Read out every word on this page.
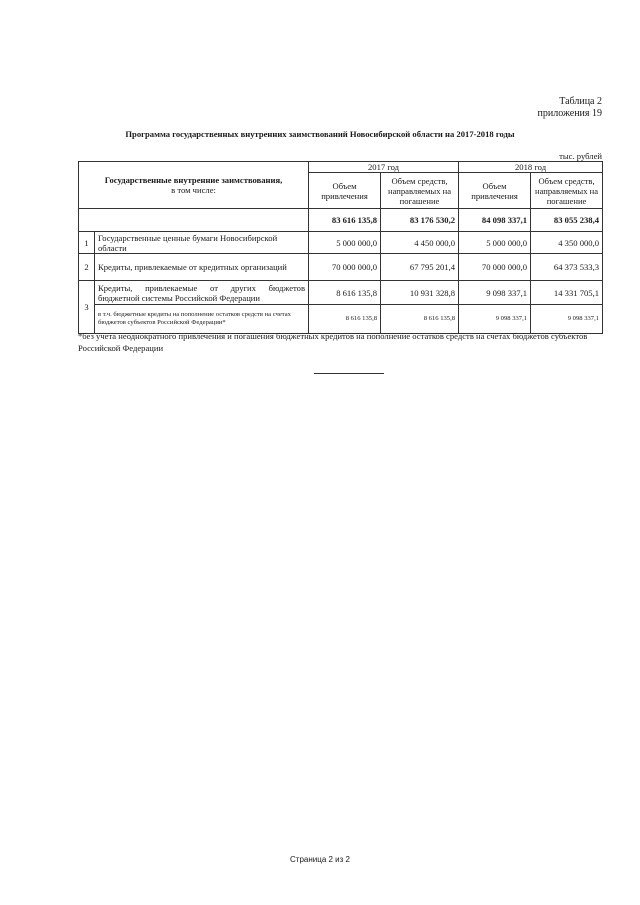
Таблица 2
приложения 19
Программа государственных внутренних заимствований Новосибирской области на 2017-2018 годы
тыс. рублей
Государственные внутренние заимствования,
в том числе:		2017 год		2018 год	
		Объем привлечения	Объем средств, направляемых на погашение	Объем привлечения	Объем средств, направляемых на погашение
		83 616 135,8	83 176 530,2	84 098 337,1	83 055 238,4
1	Государственные ценные бумаги Новосибирской области	5 000 000,0	4 450 000,0	5 000 000,0	4 350 000,0
2	Кредиты, привлекаемые от кредитных организаций	70 000 000,0	67 795 201,4	70 000 000,0	64 373 533,3
3	Кредиты, привлекаемые от других бюджетов бюджетной системы Российской Федерации	8 616 135,8	10 931 328,8	9 098 337,1	14 331 705,1
	в т.ч. бюджетные кредиты на пополнение остатков средств на счетах бюджетов субъектов Российской Федерации*	8 616 135,8	8 616 135,8	9 098 337,1	9 098 337,1
*без учета неоднократного привлечения и погашения бюджетных кредитов на пополнение остатков средств на счетах бюджетов субъектов Российской Федерации
Страница 2 из 2
